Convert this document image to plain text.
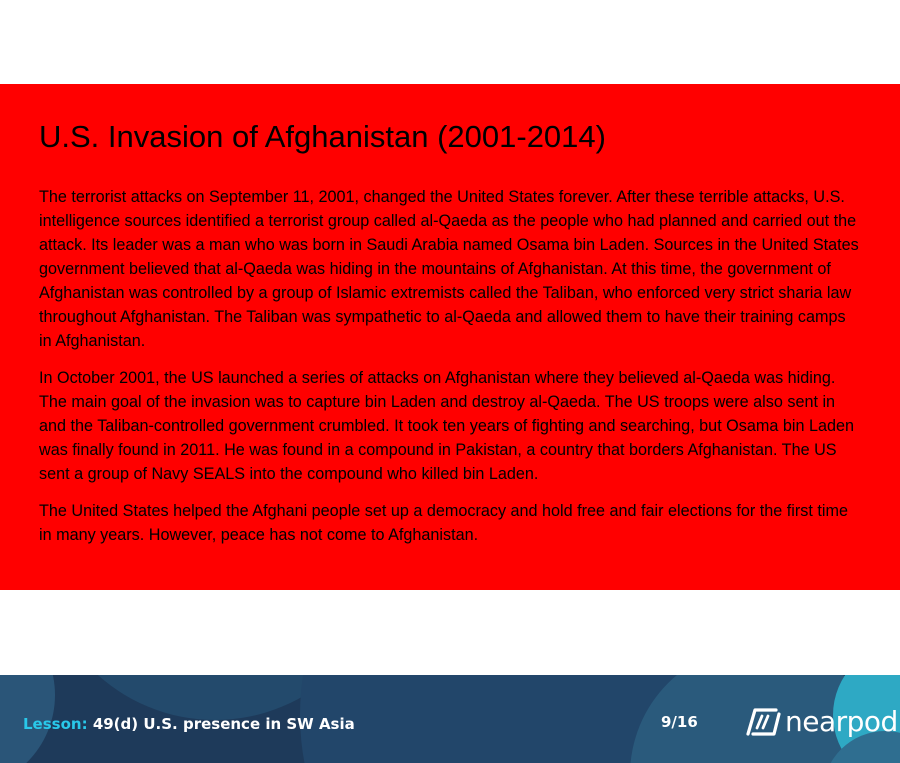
U.S. Invasion of Afghanistan (2001-2014)

The terrorist attacks on September 11, 2001, changed the United States forever. After these terrible attacks, U.S. intelligence sources identified a terrorist group called al-Qaeda as the people who had planned and carried out the attack. Its leader was a man who was born in Saudi Arabia named Osama bin Laden. Sources in the United States government believed that al-Qaeda was hiding in the mountains of Afghanistan. At this time, the government of Afghanistan was controlled by a group of Islamic extremists called the Taliban, who enforced very strict sharia law throughout Afghanistan. The Taliban was sympathetic to al-Qaeda and allowed them to have their training camps in Afghanistan.

In October 2001, the US launched a series of attacks on Afghanistan where they believed al-Qaeda was hiding. The main goal of the invasion was to capture bin Laden and destroy al-Qaeda. The US troops were also sent in and the Taliban-controlled government crumbled. It took ten years of fighting and searching, but Osama bin Laden was finally found in 2011. He was found in a compound in Pakistan, a country that borders Afghanistan. The US sent a group of Navy SEALS into the compound who killed bin Laden.

The United States helped the Afghani people set up a democracy and hold free and fair elections for the first time in many years. However, peace has not come to Afghanistan.

Lesson: 49(d) U.S. presence in SW Asia	9/16	nearpod
